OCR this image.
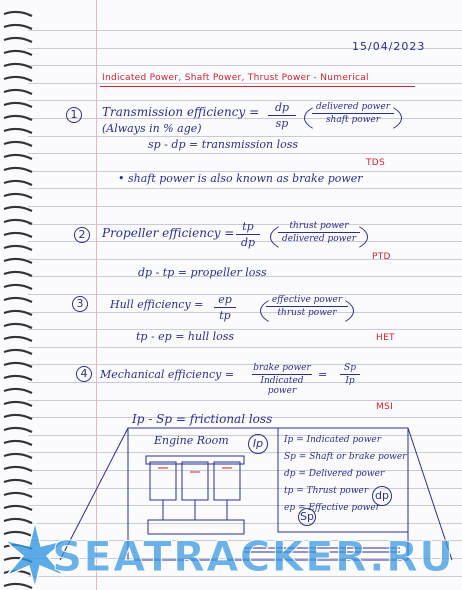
15/04/2023
Indicated Power, Shaft Power, Thrust Power - Numerical
1	Transmission efficiency =	dp
sp
delivered power
shaft power
(Always in % age)
sp - dp = transmission loss
TDS
• shaft power is also known as brake power
2	Propeller efficiency = tp
dp
thrust power
delivered power
PTD
dp - tp = propeller loss
3	Hull efficiency =	ep
tp
effective power
thrust power
HET
tp - ep = hull loss
4	Mechanical efficiency = brake power
Indicated power
=	Sp
Ip
MSI
Ip - Sp = frictional loss
Engine Room	Ip
Sp
dp
Ip = Indicated power
Sp = Shaft or brake power
dp = Delivered power
tp = Thrust power
ep = Effective power
SEATRACKER.RU
